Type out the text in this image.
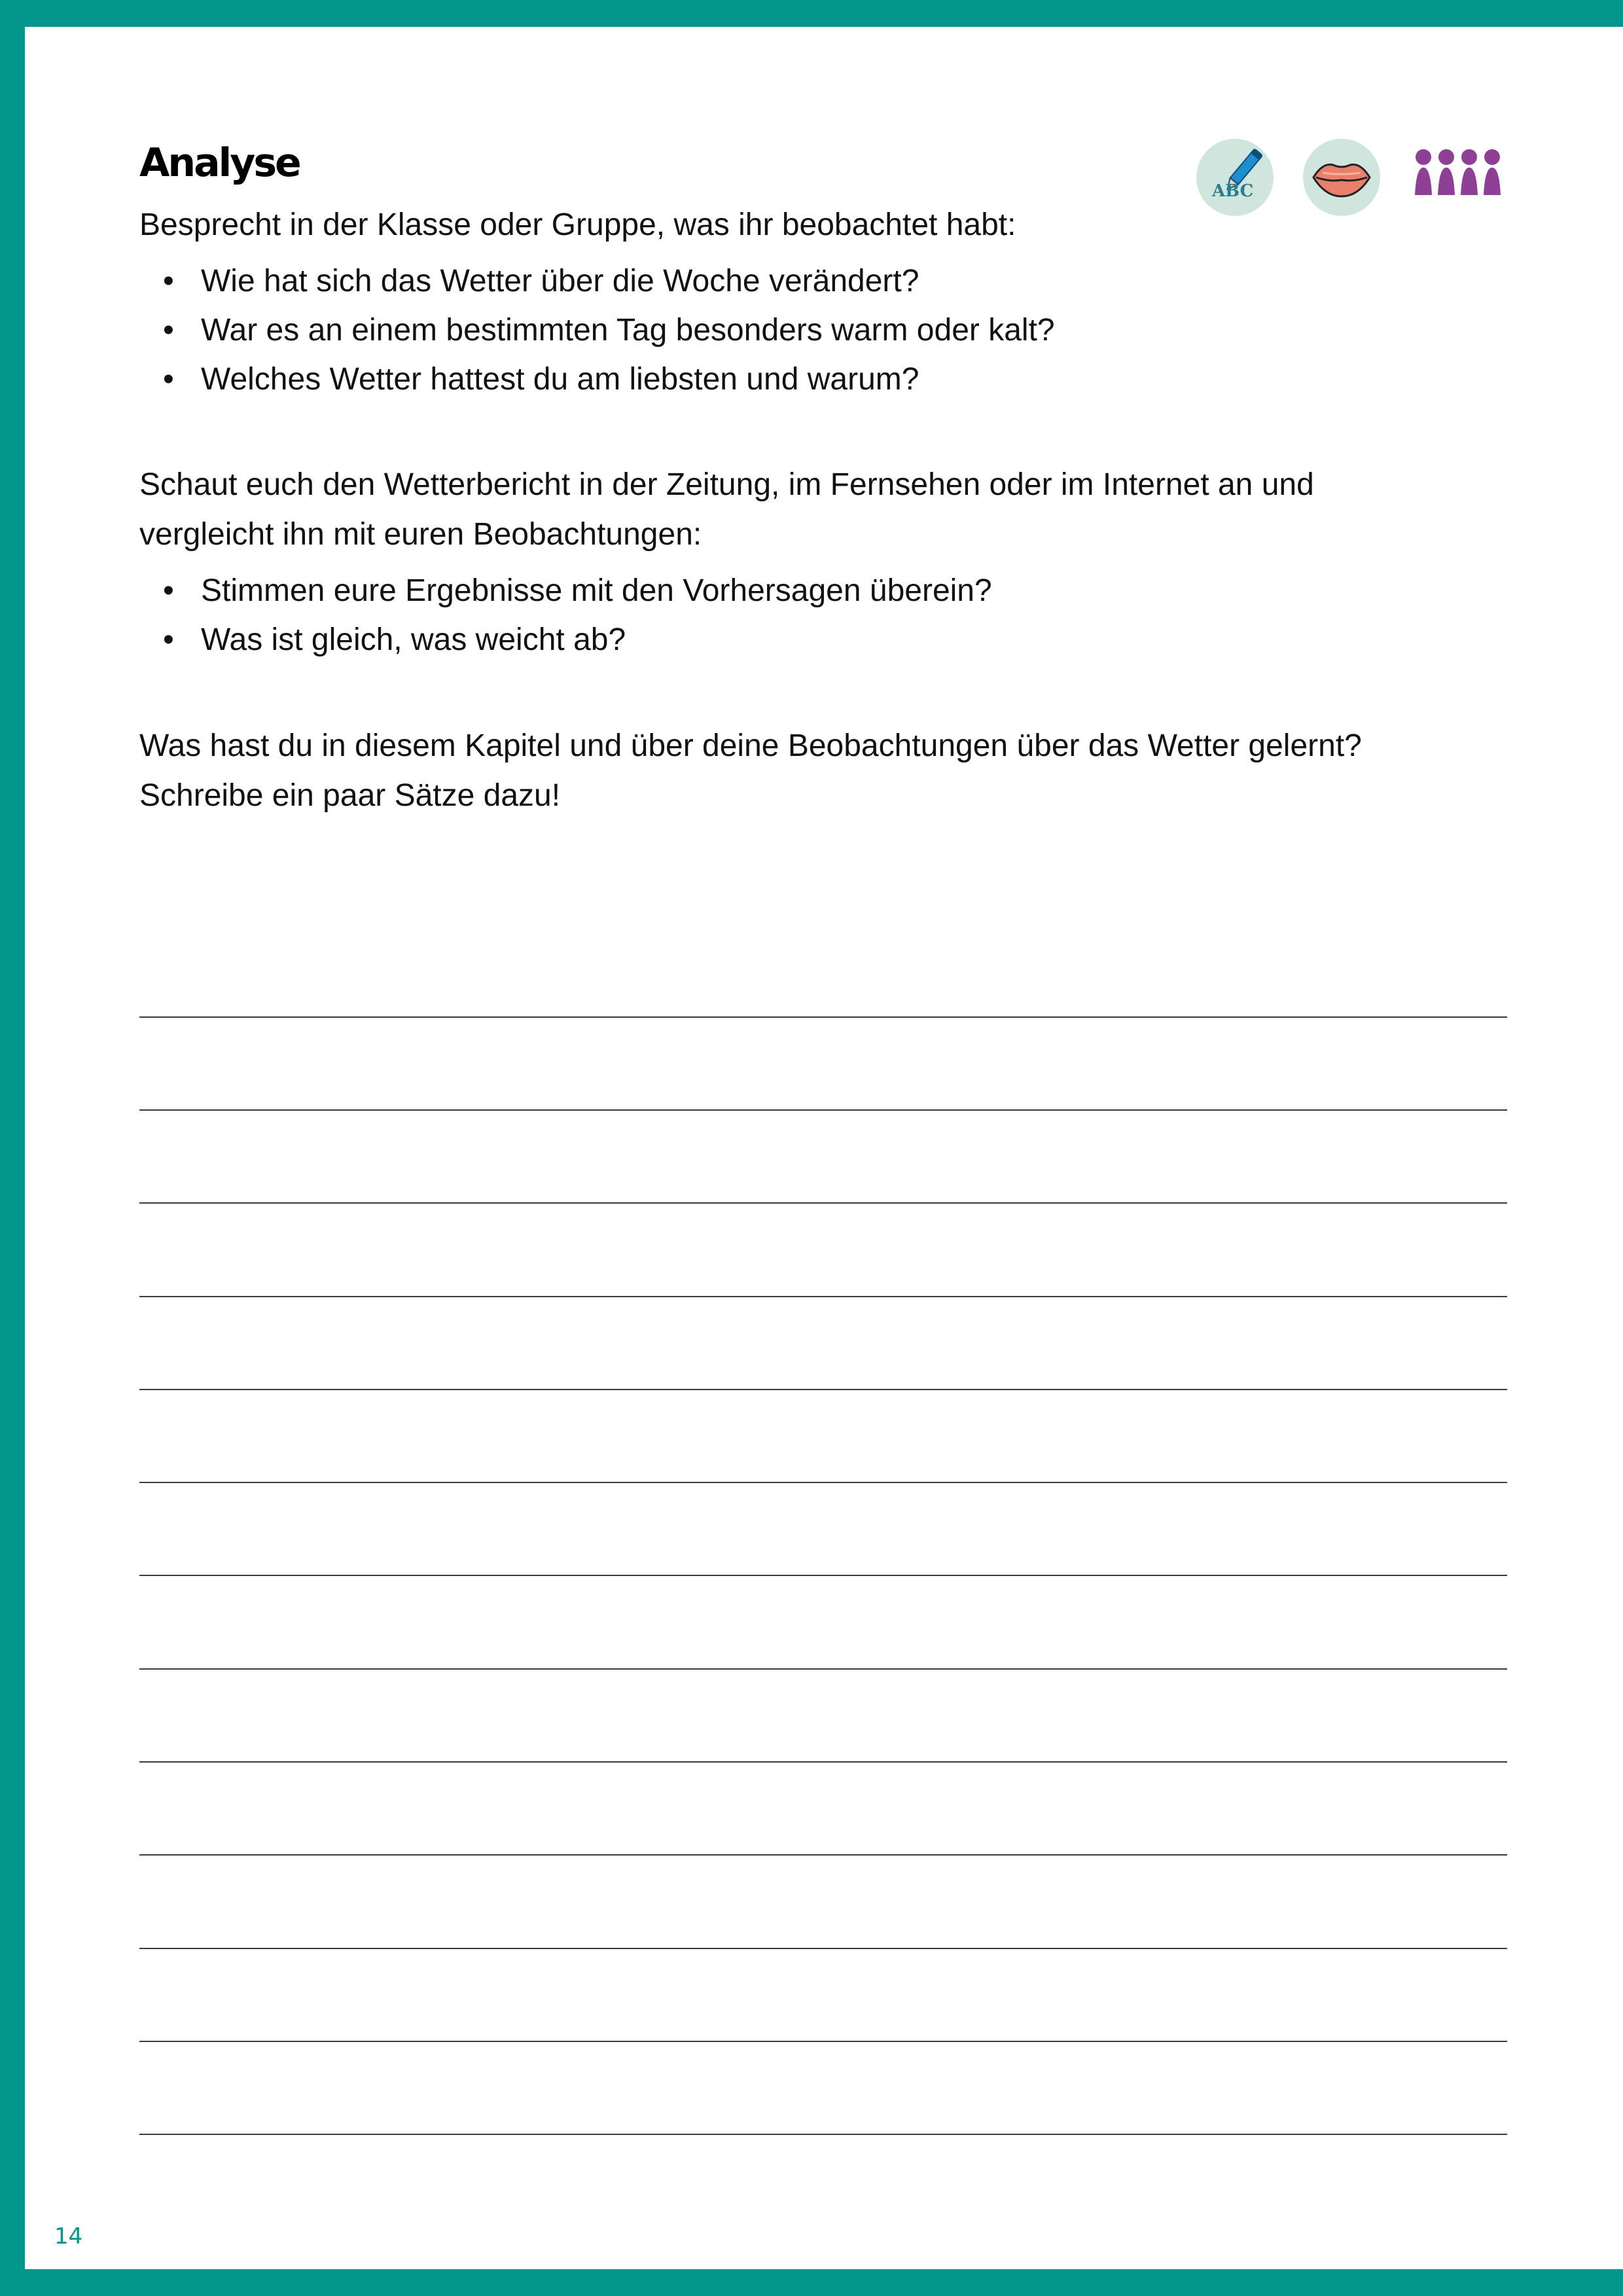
Analyse
ABC

Besprecht in der Klasse oder Gruppe, was ihr beobachtet habt:

• Wie hat sich das Wetter über die Woche verändert?
• War es an einem bestimmten Tag besonders warm oder kalt?
• Welches Wetter hattest du am liebsten und warum?

Schaut euch den Wetterbericht in der Zeitung, im Fernsehen oder im Internet an und

vergleicht ihn mit euren Beobachtungen:

• Stimmen eure Ergebnisse mit den Vorhersagen überein?
• Was ist gleich, was weicht ab?

Was hast du in diesem Kapitel und über deine Beobachtungen über das Wetter gelernt?

Schreibe ein paar Sätze dazu!

14
